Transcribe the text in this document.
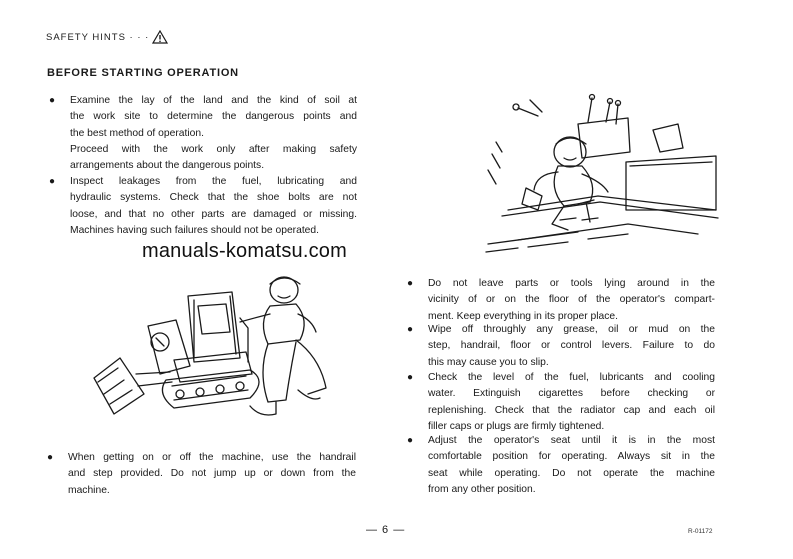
SAFETY HINTS · · ·
BEFORE STARTING OPERATION
● Examine the lay of the land and the kind of soil at
the work site to determine the dangerous points and
the best method of operation.
Proceed with the work only after making safety
arrangements about the dangerous points.
● Inspect leakages from the fuel, lubricating and
hydraulic systems. Check that the shoe bolts are not
loose, and that no other parts are damaged or missing.
Machines having such failures should not be operated.
● When getting on or off the machine, use the handrail
and step provided. Do not jump up or down from the
machine.
● Do not leave parts or tools lying around in the
vicinity of or on the floor of the operator's compart-
ment. Keep everything in its proper place.
● Wipe off throughly any grease, oil or mud on the
step, handrail, floor or control levers. Failure to do
this may cause you to slip.
● Check the level of the fuel, lubricants and cooling
water. Extinguish cigarettes before checking or
replenishing. Check that the radiator cap and each oil
filler caps or plugs are firmly tightened.
● Adjust the operator's seat until it is in the most
comfortable position for operating. Always sit in the
seat while operating. Do not operate the machine
from any other position.
manuals-komatsu.com
— 6 —	R-01172
